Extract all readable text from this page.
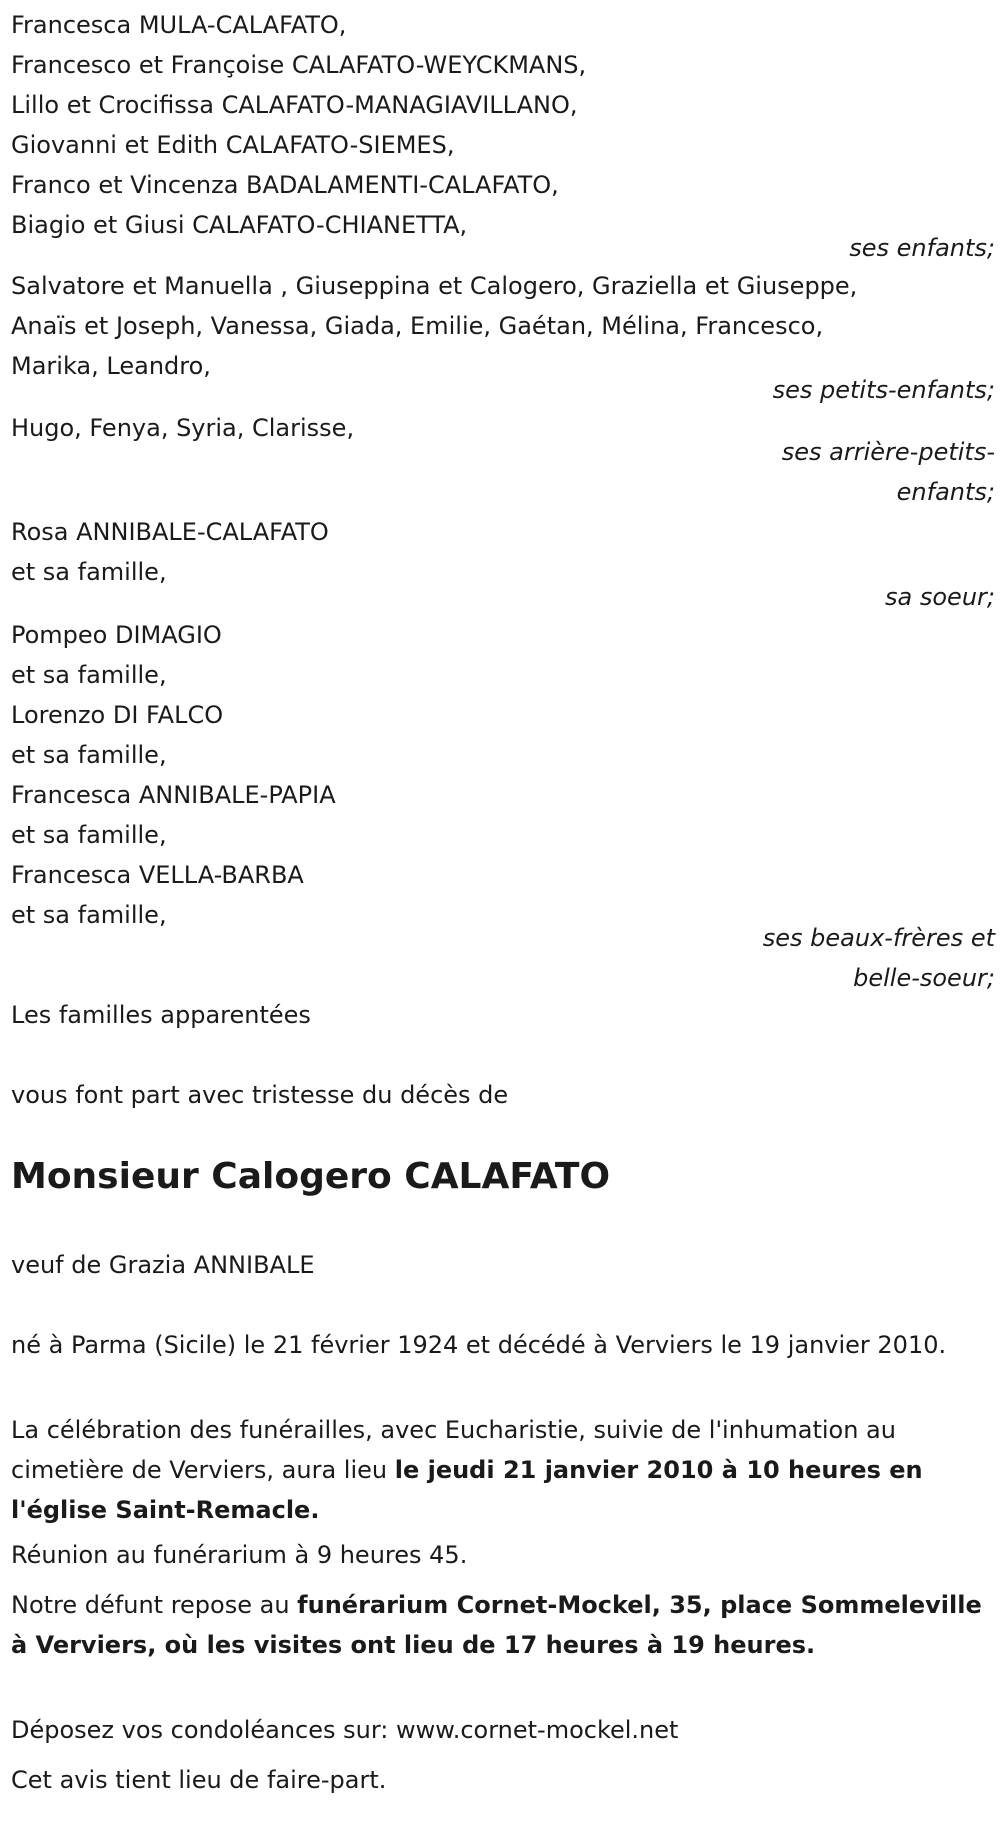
Francesca MULA-CALAFATO,
Francesco et Françoise CALAFATO-WEYCKMANS,
Lillo et Crocifissa CALAFATO-MANAGIAVILLANO,
Giovanni et Edith CALAFATO-SIEMES,
Franco et Vincenza BADALAMENTI-CALAFATO,
Biagio et Giusi CALAFATO-CHIANETTA,
ses enfants;
Salvatore et Manuella , Giuseppina et Calogero, Graziella et Giuseppe,
Anaïs et Joseph, Vanessa, Giada, Emilie, Gaétan, Mélina, Francesco,
Marika, Leandro,
ses petits-enfants;
Hugo, Fenya, Syria, Clarisse,
ses arrière-petits-
enfants;
Rosa ANNIBALE-CALAFATO
et sa famille,
sa soeur;
Pompeo DIMAGIO
et sa famille,
Lorenzo DI FALCO
et sa famille,
Francesca ANNIBALE-PAPIA
et sa famille,
Francesca VELLA-BARBA
et sa famille,
ses beaux-frères et
belle-soeur;
Les familles apparentées
vous font part avec tristesse du décès de
Monsieur Calogero CALAFATO
veuf de Grazia ANNIBALE
né à Parma (Sicile) le 21 février 1924 et décédé à Verviers le 19 janvier 2010.
La célébration des funérailles, avec Eucharistie, suivie de l'inhumation au cimetière de Verviers, aura lieu le jeudi 21 janvier 2010 à 10 heures en l'église Saint-Remacle.
Réunion au funérarium à 9 heures 45.
Notre défunt repose au funérarium Cornet-Mockel, 35, place Sommeleville à Verviers, où les visites ont lieu de 17 heures à 19 heures.
Déposez vos condoléances sur: www.cornet-mockel.net
Cet avis tient lieu de faire-part.
